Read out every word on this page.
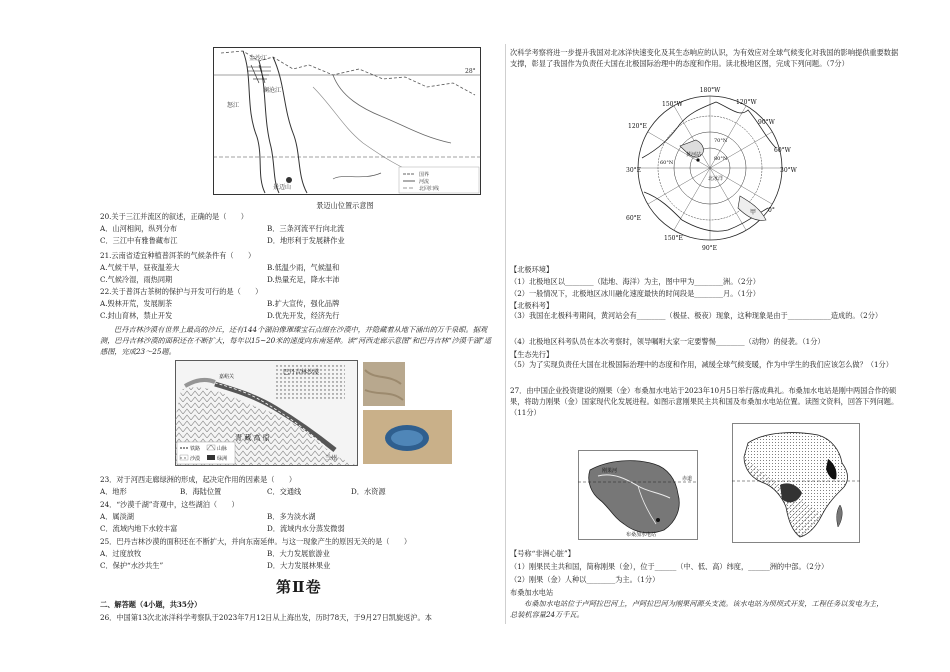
金沙江
澜沧江
怒江
景迈山
28°
国界
河流
北回归线
景迈山位置示意图
20.关于三江并流区的叙述，正确的是（　　）
A．山河相间，纵列分布	B．三条河流平行向北流
C．三江中有雅鲁藏布江	D．地形利于发展耕作业
21.云南省适宜种植普洱茶的气候条件有（　　）
A.气候干旱，昼夜温差大	B.低温少雨，气候温和
C.气候冷湿，雨热同期	D.热量充足，降水丰沛
22.关于普洱古茶树的保护与开发可行的是（　　）
A.毁林开荒，发展制茶	B.扩大宣传，强化品牌
C.封山育林，禁止开发	D.优先开发，经济先行
巴丹吉林沙漠有世界上最高的沙丘，还有144个湖泊像璀璨宝石点缀在沙漠中，并隐藏着从地下涌出的万千泉眼。据观测，巴丹吉林沙漠的面积还在不断扩大，每年以15~20米的速度向东南延伸。读“河西走廊示意图”和巴丹吉林“沙漠千湖”遥感图，完成23～25题。
巴丹吉林沙漠
青 藏 高 原
兰州
嘉峪关
铁路	山脉
沙漠	绿洲
23．对于河西走廊绿洲的形成，起决定作用的因素是（　　）
A．地形	B．海陆位置	C．交通线	D．水资源
24．“沙漠千湖”奇观中，这些湖泊（　　）
A．属淡湖	B．多为淡水湖
C．流域内地下水较丰富	D．流域内水分蒸发微弱
25．巴丹吉林沙漠的面积还在不断扩大，并向东南延伸。与这一现象产生的原因无关的是（　　）
A．过度放牧	B．大力发展旅游业
C．保护“水沙共生”	D．大力发展林果业
第Ⅱ卷
二、解答题（4小题，共35分）
26．中国第13次北冰洋科学考察队于2023年7月12日从上海出发，历时78天，于9月27日凯旋返沪。本
次科学考察将进一步提升我国对北冰洋快速变化及其生态响应的认识，为有效应对全球气候变化对我国的影响提供重要数据支撑，彰显了我国作为负责任大国在北极国际治理中的态度和作用。读北极地区图，完成下列问题。（7分）
180°W
150°W
150°E
120°W
120°E
90°W
90°E
60°W
60°E
30°W
0°
30°E
60°N
70°N
80°N
北冰洋
黄河站
甲
【北极环境】
（1）北极地区以________（陆地、海洋）为主，图中甲为________洲。（2分）
（2）一般情况下，北极地区冰川融化速度最快的时间段是________月。（1分）
【北极科考】
（3）我国在北极科考期间，黄河站会有________（极昼、极夜）现象，这种现象是由于____________造成的。（2分）
（4）北极地区科考队员在本次考察时，领导嘱咐大家一定要警惕________（动物）的侵袭。（1分）
【生态先行】
（5）为了实现负责任大国在北极国际治理中的态度和作用，减缓全球气候变暖，作为中学生的我们应该怎么做？（1分）
27．由中国企业投资建设的刚果（金）布桑加水电站于2023年10月5日举行落成典礼。布桑加水电站是刚中两国合作的硕果，将助力刚果（金）国家现代化发展进程。如图示意刚果民主共和国及布桑加水电站位置。读图文资料，回答下列问题。（11分）
刚果河
布桑加水电站
赤道
【号称“非洲心脏”】
（1）刚果民主共和国，简称刚果（金），位于______（中、低、高）纬度，______洲的中部。（2分）
（2）刚果（金）人种以________为主。（1分）
布桑加水电站
布桑加水电站位于卢阿拉巴河上，卢阿拉巴河为刚果河源头支流。该水电站为坝坝式开发，工程任务以发电为主，总装机容量24万千瓦。
